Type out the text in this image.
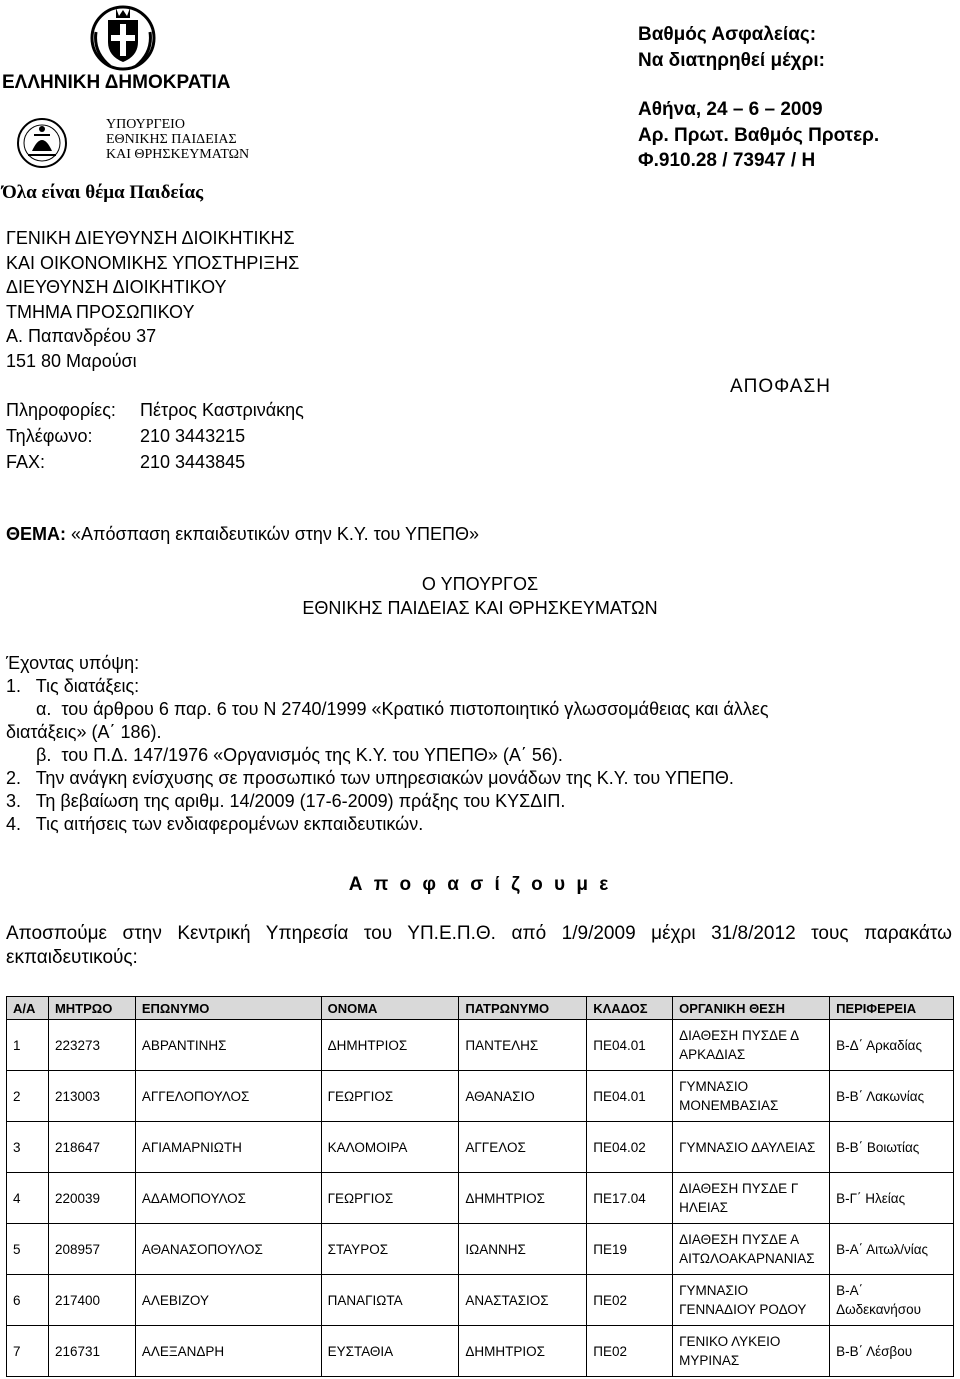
ΕΛΛΗΝΙΚΗ ΔΗΜΟΚΡΑΤΙΑ
ΥΠΟΥΡΓΕΙΟ
ΕΘΝΙΚΗΣ ΠΑΙΔΕΙΑΣ
ΚΑΙ ΘΡΗΣΚΕΥΜΑΤΩΝ
Όλα είναι θέμα Παιδείας
ΓΕΝΙΚΗ ΔΙΕΥΘΥΝΣΗ ΔΙΟΙΚΗΤΙΚΗΣ
ΚΑΙ ΟΙΚΟΝΟΜΙΚΗΣ ΥΠΟΣΤΗΡΙΞΗΣ
ΔΙΕΥΘΥΝΣΗ ΔΙΟΙΚΗΤΙΚΟΥ
ΤΜΗΜΑ ΠΡΟΣΩΠΙΚΟΥ
Α. Παπανδρέου 37
151 80 Μαρούσι
Πληροφορίες: Πέτρος Καστρινάκης
Τηλέφωνο:	210 3443215
FAX:	210 3443845
Βαθμός Ασφαλείας:
Να διατηρηθεί μέχρι:
Αθήνα, 24 – 6 – 2009
Αρ. Πρωτ. Βαθμός Προτερ.
Φ.910.28 / 73947 / Η
ΑΠΟΦΑΣΗ
ΘΕΜΑ: «Απόσπαση εκπαιδευτικών στην Κ.Υ. του ΥΠΕΠΘ»
Ο ΥΠΟΥΡΓΟΣ
ΕΘΝΙΚΗΣ ΠΑΙΔΕΙΑΣ ΚΑΙ ΘΡΗΣΚΕΥΜΑΤΩΝ
Έχοντας υπόψη:
1.   Τις διατάξεις:
α.  του άρθρου 6 παρ. 6 του Ν 2740/1999 «Κρατικό πιστοποιητικό γλωσσομάθειας και άλλες
διατάξεις» (Α΄ 186).
β.  του Π.Δ. 147/1976 «Οργανισμός της Κ.Υ. του ΥΠΕΠΘ» (Α΄ 56).
2.   Την ανάγκη ενίσχυσης σε προσωπικό των υπηρεσιακών μονάδων της Κ.Υ. του ΥΠΕΠΘ.
3.   Τη βεβαίωση της αριθμ. 14/2009 (17-6-2009) πράξης του ΚΥΣΔΙΠ.
4.   Τις αιτήσεις των ενδιαφερομένων εκπαιδευτικών.
Α π ο φ α σ ί ζ ο υ μ ε
Αποσπούμε στην Κεντρική Υπηρεσία του ΥΠ.Ε.Π.Θ. από 1/9/2009 μέχρι 31/8/2012 τους παρακάτω εκπαιδευτικούς:
Α/Α	ΜΗΤΡΩΟ	ΕΠΩΝΥΜΟ	ΟΝΟΜΑ	ΠΑΤΡΩΝΥΜΟ	ΚΛΑΔΟΣ	ΟΡΓΑΝΙΚΗ ΘΕΣΗ	ΠΕΡΙΦΕΡΕΙΑ
1	223273	ΑΒΡΑΝΤΙΝΗΣ	ΔΗΜΗΤΡΙΟΣ	ΠΑΝΤΕΛΗΣ	ΠΕ04.01	ΔΙΑΘΕΣΗ ΠΥΣΔΕ Δ ΑΡΚΑΔΙΑΣ	Β-Δ΄ Αρκαδίας
2	213003	ΑΓΓΕΛΟΠΟΥΛΟΣ	ΓΕΩΡΓΙΟΣ	ΑΘΑΝΑΣΙΟ	ΠΕ04.01	ΓΥΜΝΑΣΙΟ ΜΟΝΕΜΒΑΣΙΑΣ	Β-Β΄ Λακωνίας
3	218647	ΑΓΙΑΜΑΡΝΙΩΤΗ	ΚΑΛΟΜΟΙΡΑ	ΑΓΓΕΛΟΣ	ΠΕ04.02	ΓΥΜΝΑΣΙΟ ΔΑΥΛΕΙΑΣ	Β-Β΄ Βοιωτίας
4	220039	ΑΔΑΜΟΠΟΥΛΟΣ	ΓΕΩΡΓΙΟΣ	ΔΗΜΗΤΡΙΟΣ	ΠΕ17.04	ΔΙΑΘΕΣΗ ΠΥΣΔΕ Γ ΗΛΕΙΑΣ	Β-Γ΄ Ηλείας
5	208957	ΑΘΑΝΑΣΟΠΟΥΛΟΣ	ΣΤΑΥΡΟΣ	ΙΩΑΝΝΗΣ	ΠΕ19	ΔΙΑΘΕΣΗ ΠΥΣΔΕ Α ΑΙΤΩΛΟΑΚΑΡΝΑΝΙΑΣ	Β-Α΄ Αιτωλ/νίας
6	217400	ΑΛΕΒΙΖΟΥ	ΠΑΝΑΓΙΩΤΑ	ΑΝΑΣΤΑΣΙΟΣ	ΠΕ02	ΓΥΜΝΑΣΙΟ ΓΕΝΝΑΔΙΟΥ ΡΟΔΟΥ	Β-Α΄ Δωδεκανήσου
7	216731	ΑΛΕΞΑΝΔΡΗ	ΕΥΣΤΑΘΙΑ	ΔΗΜΗΤΡΙΟΣ	ΠΕ02	ΓΕΝΙΚΟ ΛΥΚΕΙΟ ΜΥΡΙΝΑΣ	Β-Β΄ Λέσβου
